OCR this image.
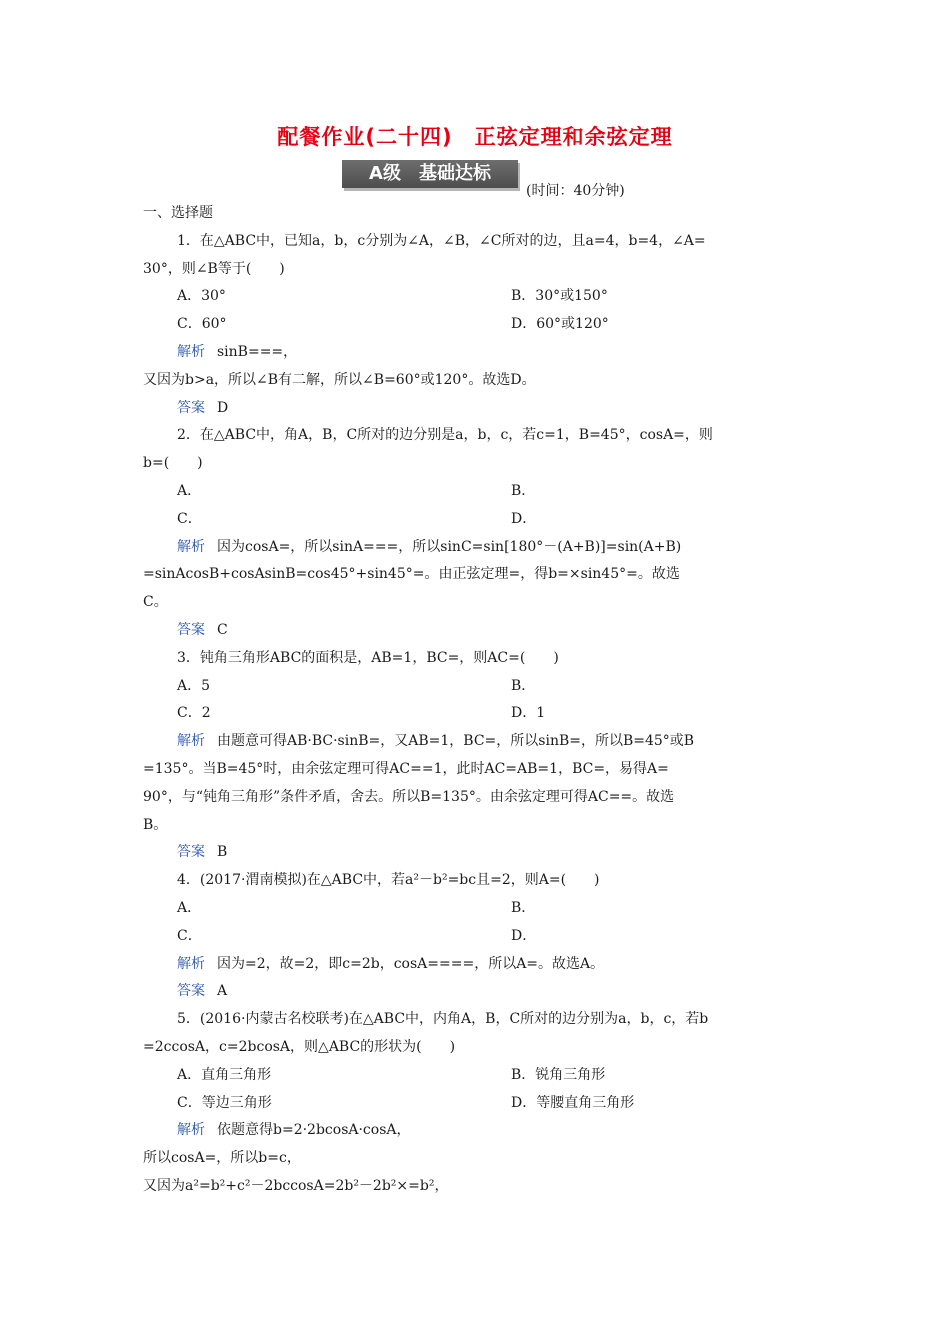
配餐作业(二十四)　正弦定理和余弦定理
A级　基础达标
(时间：40分钟)

一、选择题

1．在△ABC中，已知a，b，c分别为∠A，∠B，∠C所对的边，且a=4，b=4，∠A=

30°，则∠B等于(　　)

A．30°	B．30°或150°
C．60°	D．60°或120°

解析 sinB===，

又因为b>a，所以∠B有二解，所以∠B=60°或120°。故选D。

答案 D

2．在△ABC中，角A，B，C所对的边分别是a，b，c，若c=1，B=45°，cosA=，则

b=(　　)

A．	B．
C．	D．

解析 因为cosA=，所以sinA===，所以sinC=sin[180°－(A+B)]=sin(A+B)

=sinAcosB+cosAsinB=cos45°+sin45°=。由正弦定理=，得b=×sin45°=。故选

C。

答案 C

3．钝角三角形ABC的面积是，AB=1，BC=，则AC=(　　)

A．5	B．
C．2	D．1

解析 由题意可得AB·BC·sinB=，又AB=1，BC=，所以sinB=，所以B=45°或B

=135°。当B=45°时，由余弦定理可得AC==1，此时AC=AB=1，BC=，易得A=

90°，与“钝角三角形”条件矛盾，舍去。所以B=135°。由余弦定理可得AC==。故选

B。

答案 B

4．(2017·渭南模拟)在△ABC中，若a²－b²=bc且=2，则A=(　　)

A．	B．
C．	D．

解析 因为=2，故=2，即c=2b，cosA====，所以A=。故选A。

答案 A

5．(2016·内蒙古名校联考)在△ABC中，内角A，B，C所对的边分别为a，b，c，若b

=2ccosA，c=2bcosA，则△ABC的形状为(　　)

A．直角三角形	B．锐角三角形
C．等边三角形	D．等腰直角三角形

解析 依题意得b=2·2bcosA·cosA，

所以cosA=，所以b=c，

又因为a²=b²+c²－2bccosA=2b²－2b²×=b²，
